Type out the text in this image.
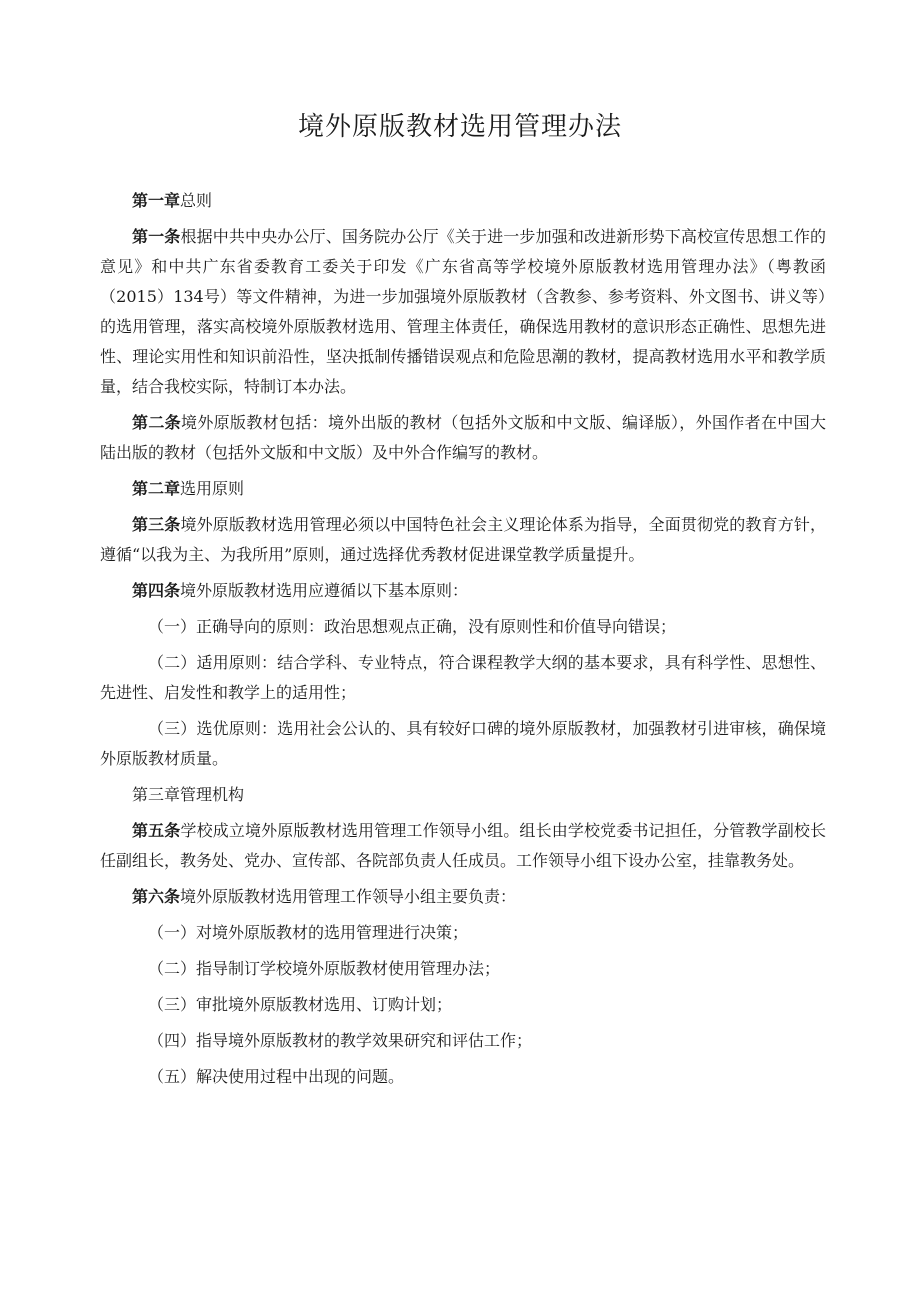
境外原版教材选用管理办法

第一章总则

第一条根据中共中央办公厅、国务院办公厅《关于进一步加强和改进新形势下高校宣传思想工作的意见》和中共广东省委教育工委关于印发《广东省高等学校境外原版教材选用管理办法》（粤教函（2015）134号）等文件精神，为进一步加强境外原版教材（含教参、参考资料、外文图书、讲义等）的选用管理，落实高校境外原版教材选用、管理主体责任，确保选用教材的意识形态正确性、思想先进性、理论实用性和知识前沿性，坚决抵制传播错误观点和危险思潮的教材，提高教材选用水平和教学质量，结合我校实际，特制订本办法。

第二条境外原版教材包括：境外出版的教材（包括外文版和中文版、编译版），外国作者在中国大陆出版的教材（包括外文版和中文版）及中外合作编写的教材。

第二章选用原则

第三条境外原版教材选用管理必须以中国特色社会主义理论体系为指导，全面贯彻党的教育方针，遵循“以我为主、为我所用”原则，通过选择优秀教材促进课堂教学质量提升。

第四条境外原版教材选用应遵循以下基本原则：

（一）正确导向的原则：政治思想观点正确，没有原则性和价值导向错误；

（二）适用原则：结合学科、专业特点，符合课程教学大纲的基本要求，具有科学性、思想性、先进性、启发性和教学上的适用性；

（三）选优原则：选用社会公认的、具有较好口碑的境外原版教材，加强教材引进审核，确保境外原版教材质量。

第三章管理机构

第五条学校成立境外原版教材选用管理工作领导小组。组长由学校党委书记担任，分管教学副校长任副组长，教务处、党办、宣传部、各院部负责人任成员。工作领导小组下设办公室，挂靠教务处。

第六条境外原版教材选用管理工作领导小组主要负责：

（一）对境外原版教材的选用管理进行决策；

（二）指导制订学校境外原版教材使用管理办法；

（三）审批境外原版教材选用、订购计划；

（四）指导境外原版教材的教学效果研究和评估工作；

（五）解决使用过程中出现的问题。
